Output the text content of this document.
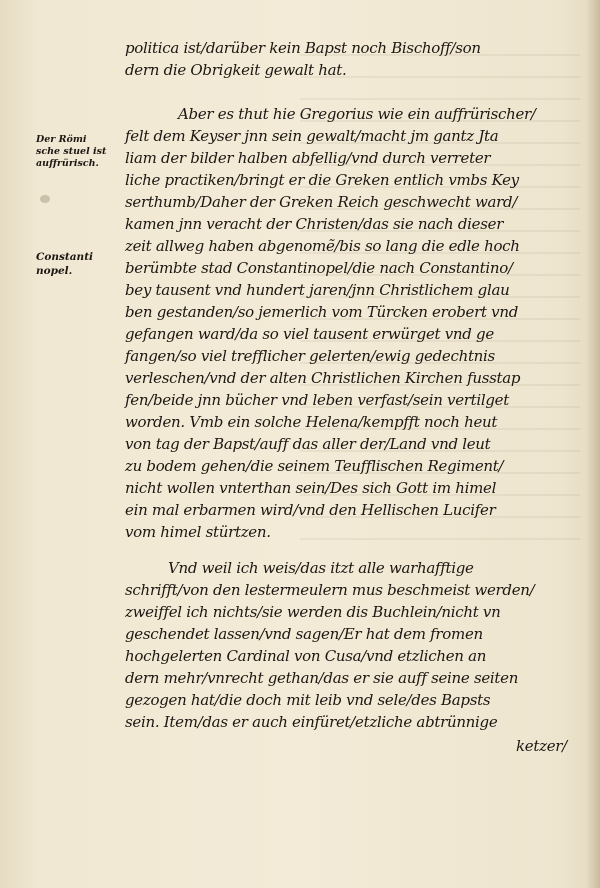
politica ist/darüber kein Bapst noch Bischoff/son
dern die Obrigkeit gewalt hat.
Aber es thut hie Gregorius wie ein auffrürischer/
felt dem Keyser jnn sein gewalt/macht jm gantz Jta
liam der bilder halben abfellig/vnd durch verreter
liche practiken/bringt er die Greken entlich vmbs Key
serthumb/Daher der Greken Reich geschwecht ward/
kamen jnn veracht der Christen/das sie nach dieser
zeit allweg haben abgenomẽ/bis so lang die edle hoch
berümbte stad Constantinopel/die nach Constantino/
bey tausent vnd hundert jaren/jnn Christlichem glau
ben gestanden/so jemerlich vom Türcken erobert vnd
gefangen ward/da so viel tausent erwürget vnd ge
fangen/so viel trefflicher gelerten/ewig gedechtnis
verleschen/vnd der alten Christlichen Kirchen fusstap
fen/beide jnn bücher vnd leben verfast/sein vertilget
worden. Vmb ein solche Helena/kempfft noch heut
von tag der Bapst/auff das aller der/Land vnd leut
zu bodem gehen/die seinem Teufflischen Regiment/
nicht wollen vnterthan sein/Des sich Gott im himel
ein mal erbarmen wird/vnd den Hellischen Lucifer
vom himel stürtzen.
Vnd weil ich weis/das itzt alle warhafftige
schrifft/von den lestermeulern mus beschmeist werden/
zweiffel ich nichts/sie werden dis Buchlein/nicht vn
geschendet lassen/vnd sagen/Er hat dem fromen
hochgelerten Cardinal von Cusa/vnd etzlichen an
dern mehr/vnrecht gethan/das er sie auff seine seiten
gezogen hat/die doch mit leib vnd sele/des Bapsts
sein. Item/das er auch einfüret/etzliche abtrünnige
ketzer/
Der Römi
sche stuel ist
auffrürisch.
Constanti
nopel.
